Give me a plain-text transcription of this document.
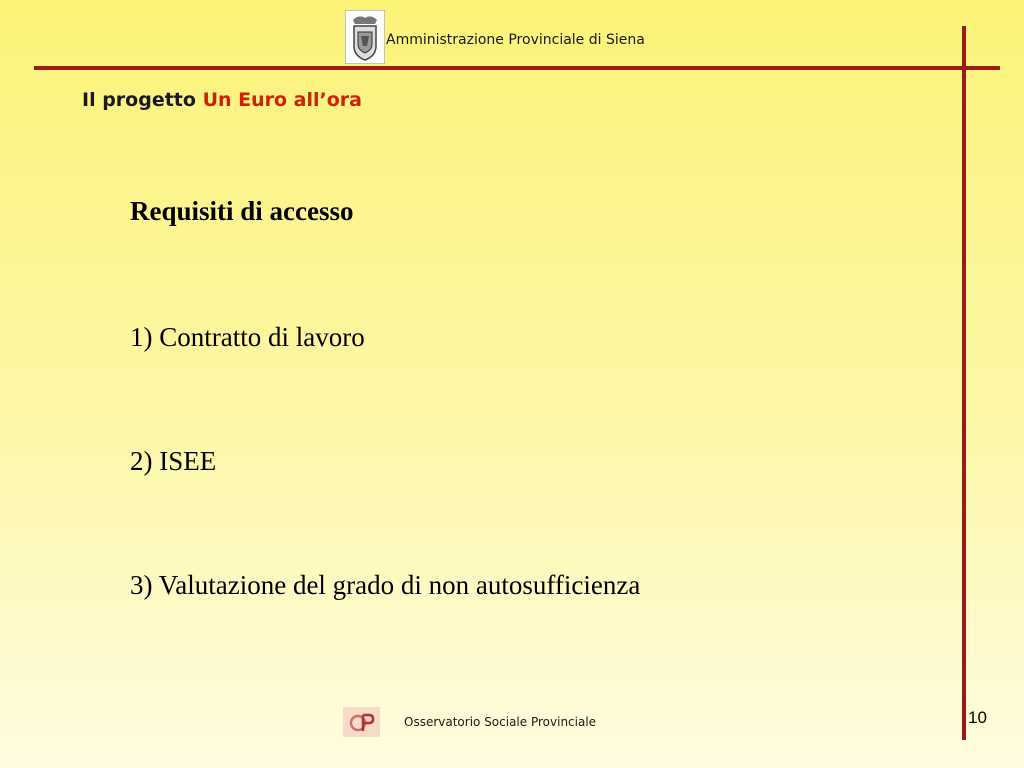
Amministrazione Provinciale di Siena
Il progetto Un Euro all’ora
Requisiti di accesso
1) Contratto di lavoro
2) ISEE
3) Valutazione del grado di non autosufficienza
Osservatorio Sociale Provinciale	10
